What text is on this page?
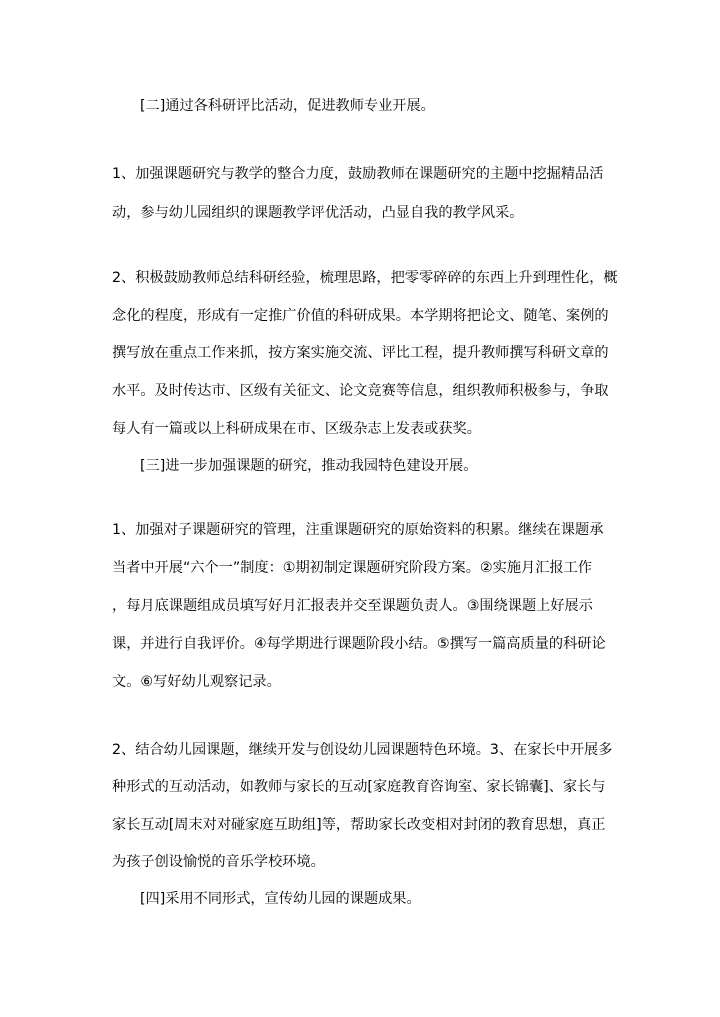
[二]通过各科研评比活动，促进教师专业开展。
1、加强课题研究与教学的整合力度，鼓励教师在课题研究的主题中挖掘精品活
动，参与幼儿园组织的课题教学评优活动，凸显自我的教学风采。
2、积极鼓励教师总结科研经验，梳理思路，把零零碎碎的东西上升到理性化，概
念化的程度，形成有一定推广价值的科研成果。本学期将把论文、随笔、案例的
撰写放在重点工作来抓，按方案实施交流、评比工程，提升教师撰写科研文章的
水平。及时传达市、区级有关征文、论文竞赛等信息，组织教师积极参与，争取
每人有一篇或以上科研成果在市、区级杂志上发表或获奖。
[三]进一步加强课题的研究，推动我园特色建设开展。
1、加强对子课题研究的管理，注重课题研究的原始资料的积累。继续在课题承
当者中开展“六个一”制度：①期初制定课题研究阶段方案。②实施月汇报工作
，每月底课题组成员填写好月汇报表并交至课题负责人。③围绕课题上好展示
课，并进行自我评价。④每学期进行课题阶段小结。⑤撰写一篇高质量的科研论
文。⑥写好幼儿观察记录。
2、结合幼儿园课题，继续开发与创设幼儿园课题特色环境。3、在家长中开展多
种形式的互动活动，如教师与家长的互动[家庭教育咨询室、家长锦囊]、家长与
家长互动[周末对对碰家庭互助组]等，帮助家长改变相对封闭的教育思想，真正
为孩子创设愉悦的音乐学校环境。
[四]采用不同形式，宣传幼儿园的课题成果。
